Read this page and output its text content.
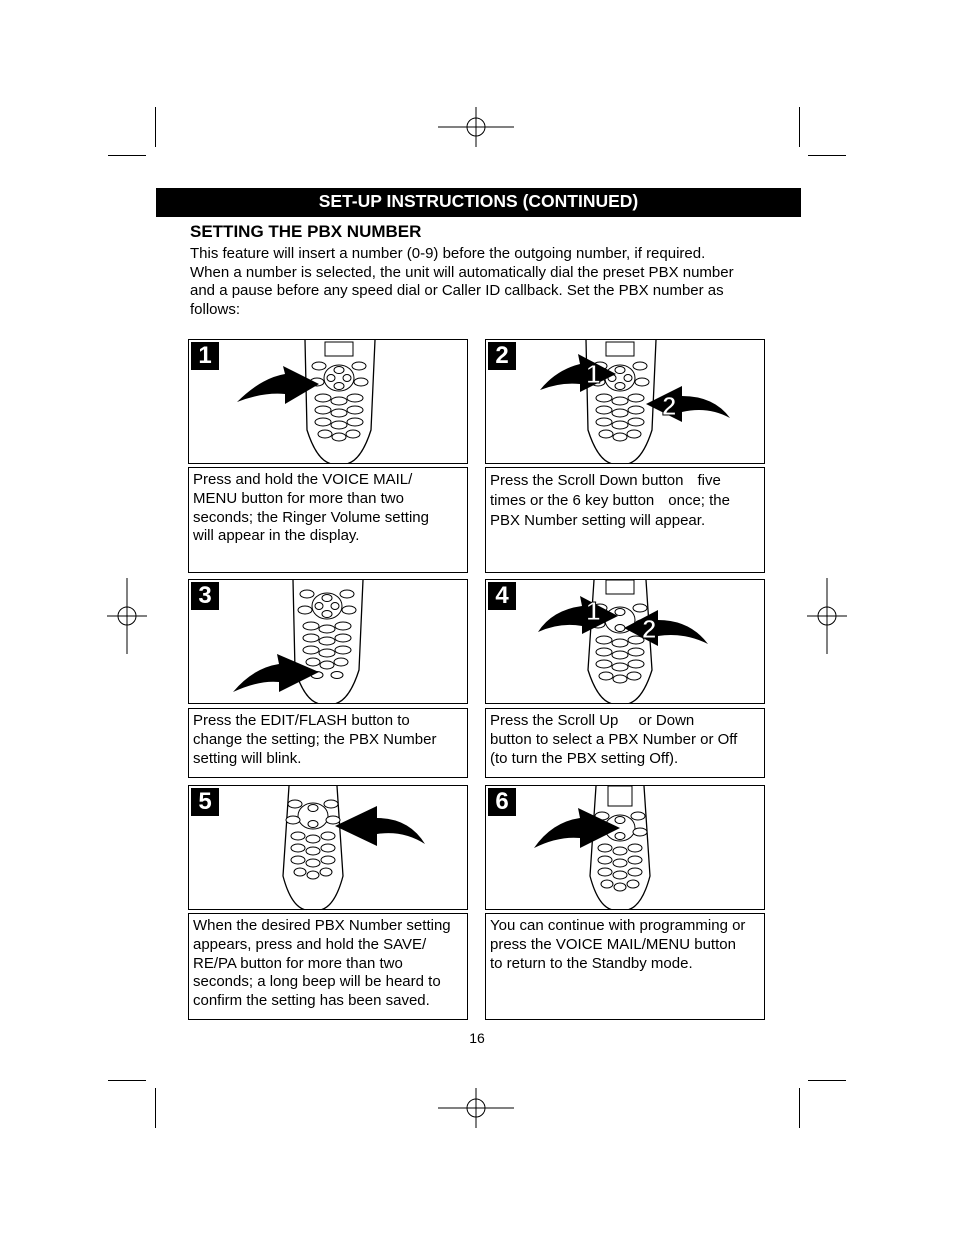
SET-UP INSTRUCTIONS (CONTINUED)
SETTING THE PBX NUMBER
This feature will insert a number (0-9) before the outgoing number, if required.
When a number is selected, the unit will automatically dial the preset PBX number
and a pause before any speed dial or Caller ID callback. Set the PBX number as
follows:
1
Press and hold the VOICE MAIL/
MENU button for more than two
seconds; the Ringer Volume setting
will appear in the display.
1
2
2
Press the Scroll Down button five
times or the 6 key button once; the
PBX Number setting will appear.
3
Press the EDIT/FLASH button to
change the setting; the PBX Number
setting will blink.
1
2
4
Press the Scroll Up or Down
button to select a PBX Number or Off
(to turn the PBX setting Off).
5
When the desired PBX Number setting
appears, press and hold the SAVE/
RE/PA button for more than two
seconds; a long beep will be heard to
confirm the setting has been saved.
6
You can continue with programming or
press the VOICE MAIL/MENU button
to return to the Standby mode.
16
